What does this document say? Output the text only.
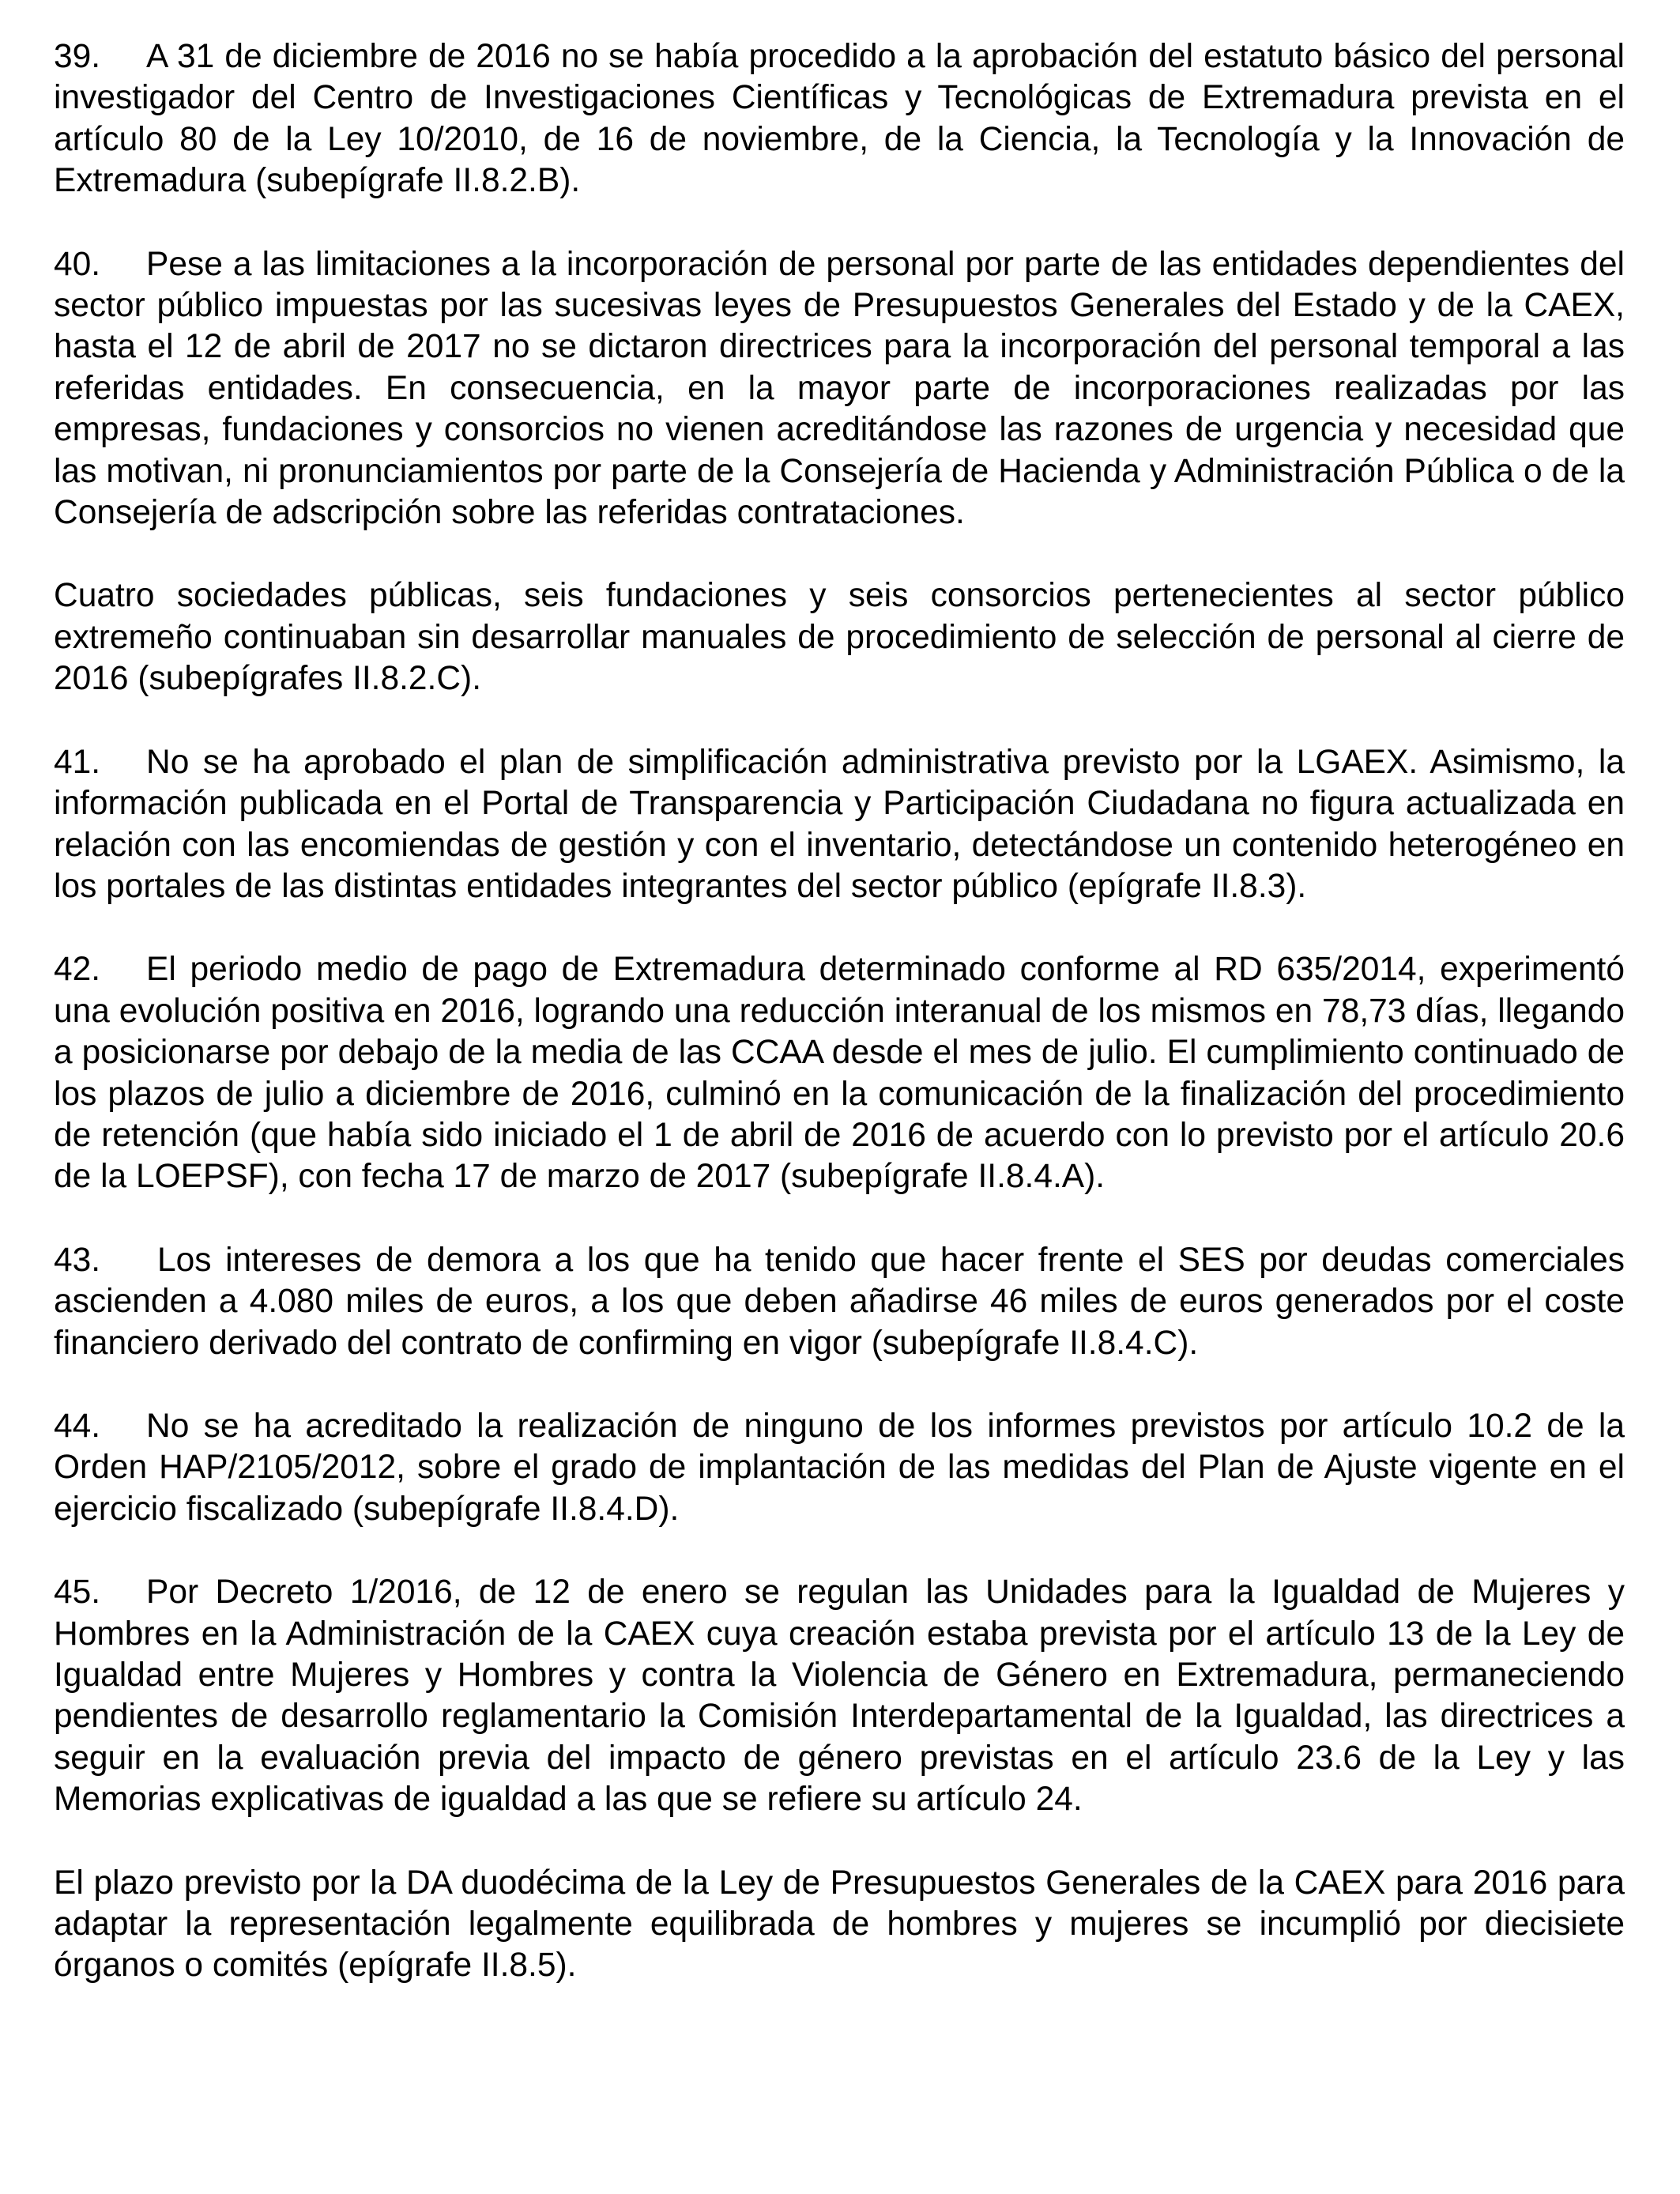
39. A 31 de diciembre de 2016 no se había procedido a la aprobación del estatuto básico del personal investigador del Centro de Investigaciones Científicas y Tecnológicas de Extremadura prevista en el artículo 80 de la Ley 10/2010, de 16 de noviembre, de la Ciencia, la Tecnología y la Innovación de Extremadura (subepígrafe II.8.2.B).

40. Pese a las limitaciones a la incorporación de personal por parte de las entidades dependientes del sector público impuestas por las sucesivas leyes de Presupuestos Generales del Estado y de la CAEX, hasta el 12 de abril de 2017 no se dictaron directrices para la incorporación del personal temporal a las referidas entidades. En consecuencia, en la mayor parte de incorporaciones realizadas por las empresas, fundaciones y consorcios no vienen acreditándose las razones de urgencia y necesidad que las motivan, ni pronunciamientos por parte de la Consejería de Hacienda y Administración Pública o de la Consejería de adscripción sobre las referidas contrataciones.

Cuatro sociedades públicas, seis fundaciones y seis consorcios pertenecientes al sector público extremeño continuaban sin desarrollar manuales de procedimiento de selección de personal al cierre de 2016 (subepígrafes II.8.2.C).

41. No se ha aprobado el plan de simplificación administrativa previsto por la LGAEX. Asimismo, la información publicada en el Portal de Transparencia y Participación Ciudadana no figura actualizada en relación con las encomiendas de gestión y con el inventario, detectándose un contenido heterogéneo en los portales de las distintas entidades integrantes del sector público (epígrafe II.8.3).

42. El periodo medio de pago de Extremadura determinado conforme al RD 635/2014, experimentó una evolución positiva en 2016, logrando una reducción interanual de los mismos en 78,73 días, llegando a posicionarse por debajo de la media de las CCAA desde el mes de julio. El cumplimiento continuado de los plazos de julio a diciembre de 2016, culminó en la comunicación de la finalización del procedimiento de retención (que había sido iniciado el 1 de abril de 2016 de acuerdo con lo previsto por el artículo 20.6 de la LOEPSF), con fecha 17 de marzo de 2017 (subepígrafe II.8.4.A).

43. Los intereses de demora a los que ha tenido que hacer frente el SES por deudas comerciales ascienden a 4.080 miles de euros, a los que deben añadirse 46 miles de euros generados por el coste financiero derivado del contrato de confirming en vigor (subepígrafe II.8.4.C).

44. No se ha acreditado la realización de ninguno de los informes previstos por artículo 10.2 de la Orden HAP/2105/2012, sobre el grado de implantación de las medidas del Plan de Ajuste vigente en el ejercicio fiscalizado (subepígrafe II.8.4.D).

45. Por Decreto 1/2016, de 12 de enero se regulan las Unidades para la Igualdad de Mujeres y Hombres en la Administración de la CAEX cuya creación estaba prevista por el artículo 13 de la Ley de Igualdad entre Mujeres y Hombres y contra la Violencia de Género en Extremadura, permaneciendo pendientes de desarrollo reglamentario la Comisión Interdepartamental de la Igualdad, las directrices a seguir en la evaluación previa del impacto de género previstas en el artículo 23.6 de la Ley y las Memorias explicativas de igualdad a las que se refiere su artículo 24.

El plazo previsto por la DA duodécima de la Ley de Presupuestos Generales de la CAEX para 2016 para adaptar la representación legalmente equilibrada de hombres y mujeres se incumplió por diecisiete órganos o comités (epígrafe II.8.5).
